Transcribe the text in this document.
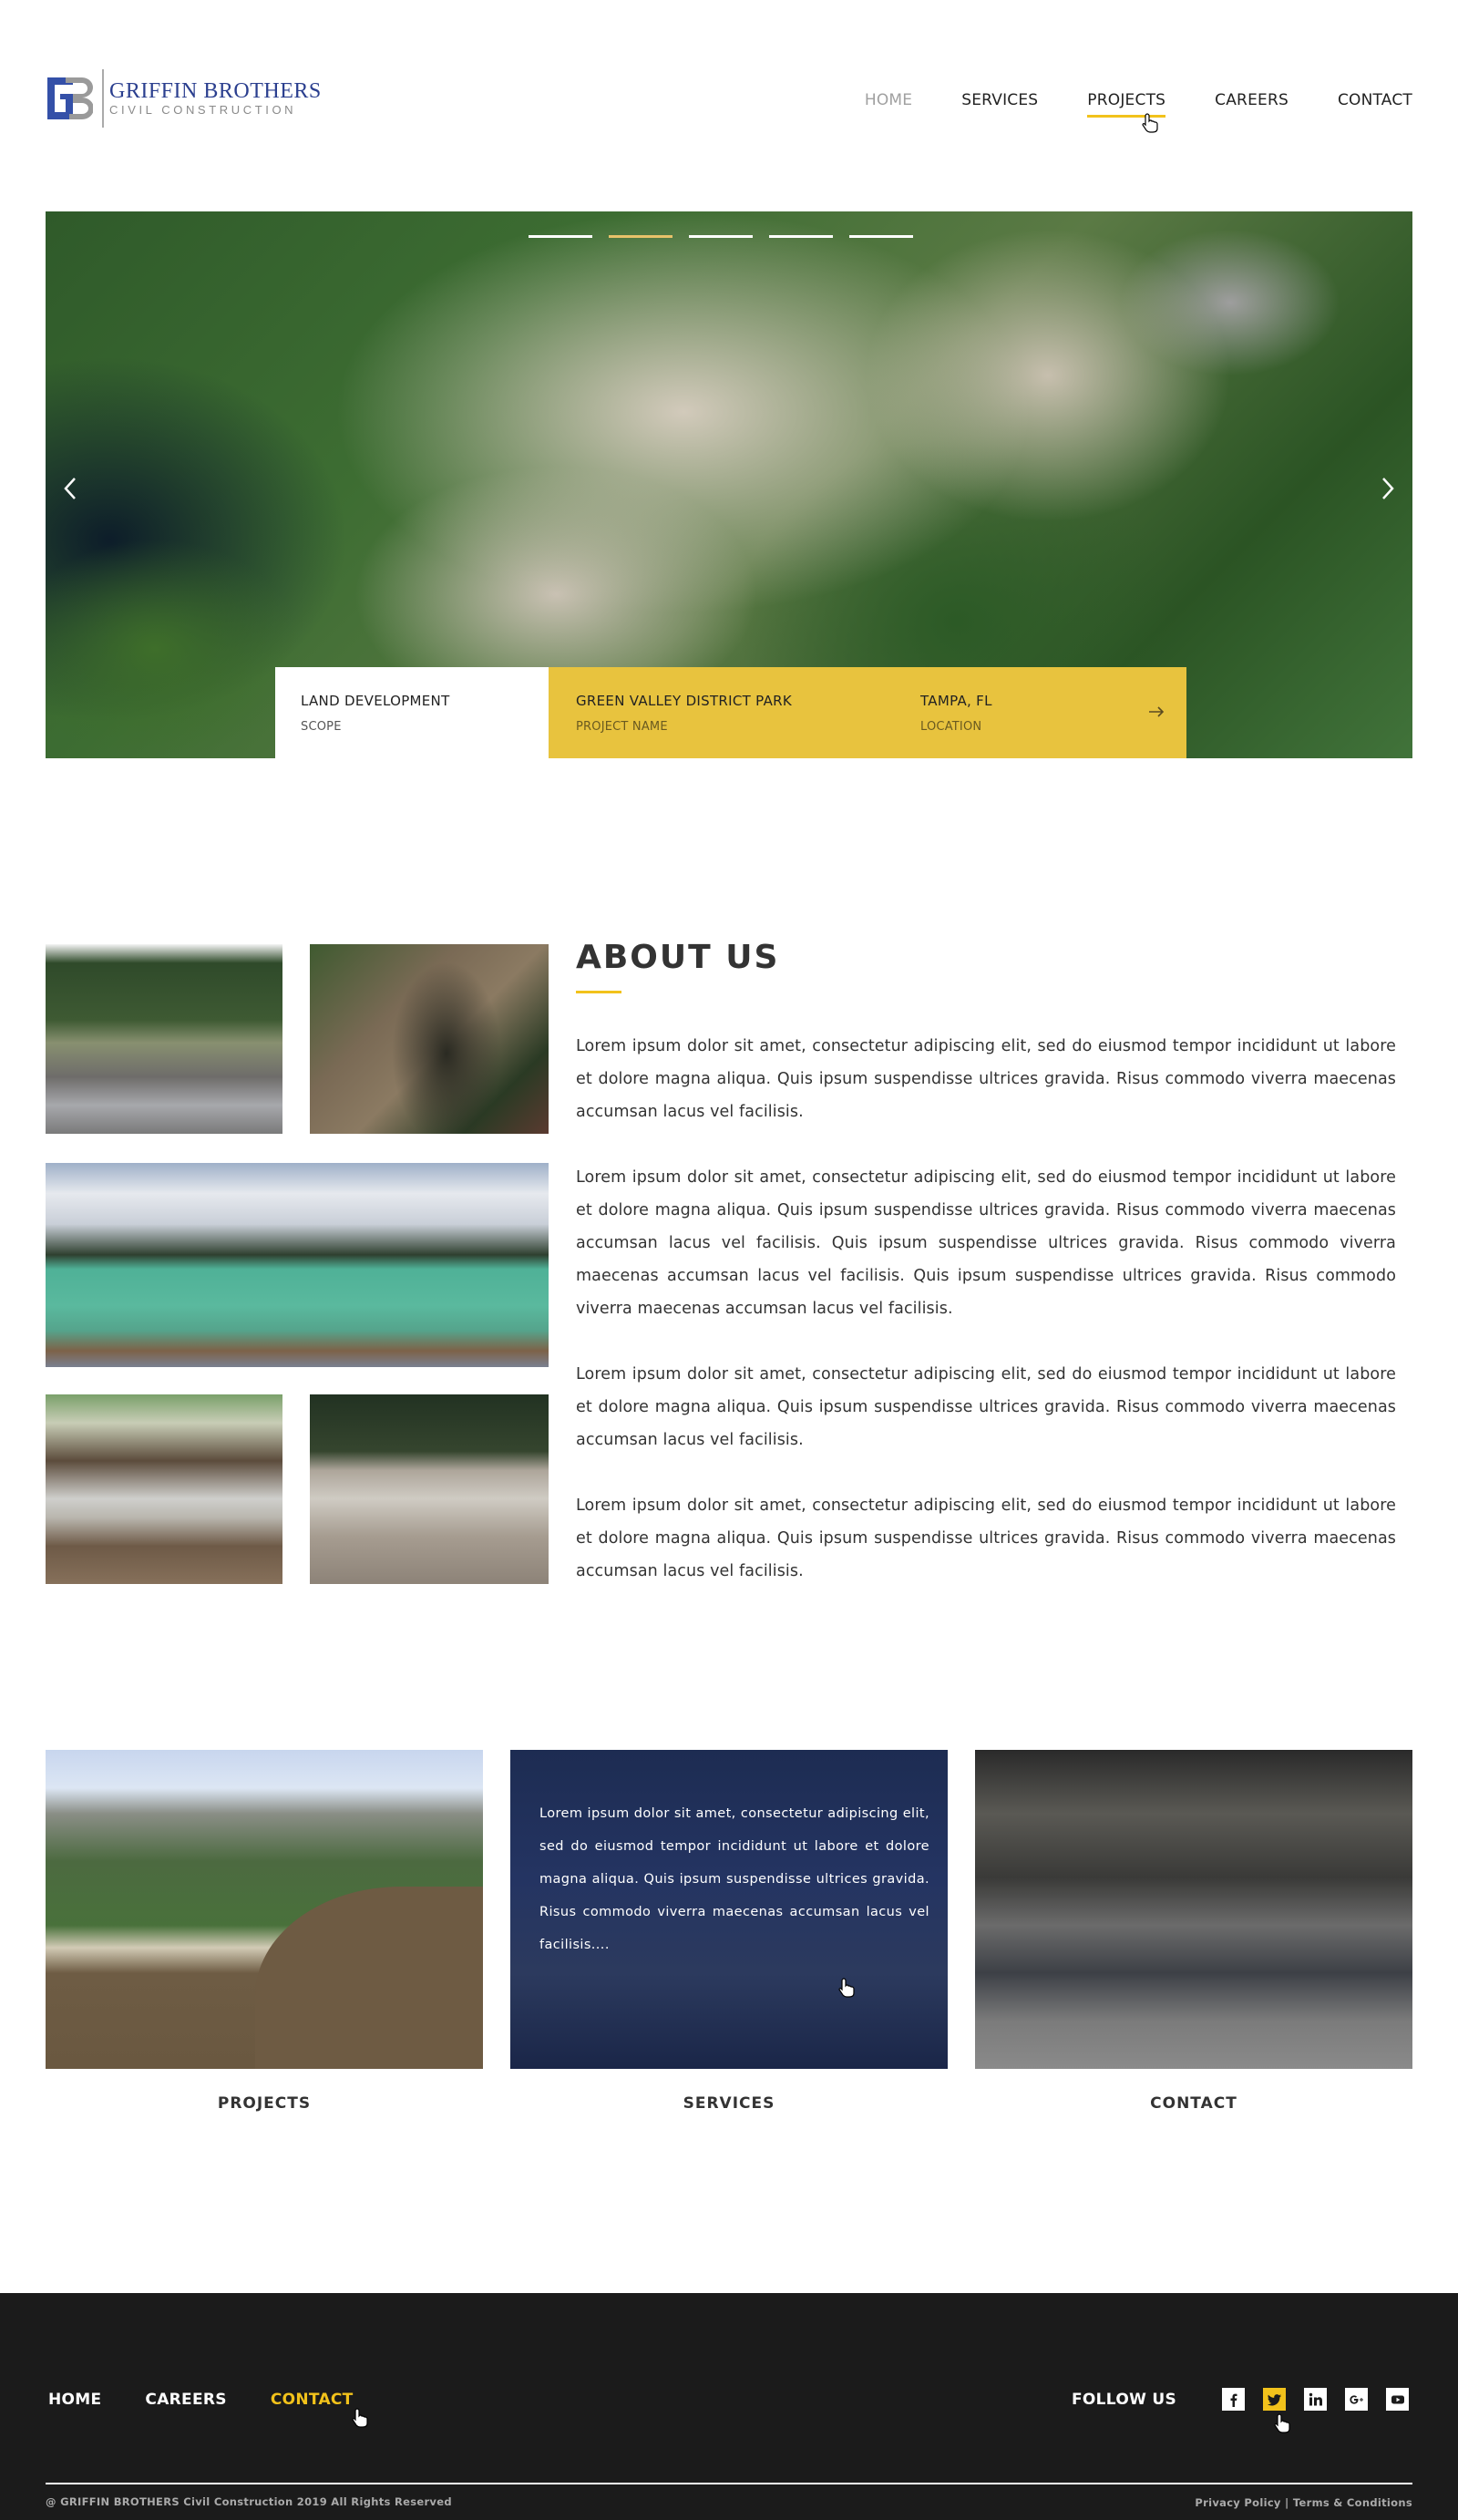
GRIFFIN BROTHERS
CIVIL CONSTRUCTION
HOME	SERVICES	PROJECTS	CAREERS	CONTACT
LAND DEVELOPMENT
SCOPE
GREEN VALLEY DISTRICT PARK
PROJECT NAME
TAMPA, FL
LOCATION
ABOUT US

Lorem ipsum dolor sit amet, consectetur adipiscing elit, sed do eiusmod tempor incididunt ut labore et dolore magna aliqua. Quis ipsum suspendisse ultrices gravida. Risus commodo viverra maecenas accumsan lacus vel facilisis.

Lorem ipsum dolor sit amet, consectetur adipiscing elit, sed do eiusmod tempor incididunt ut labore et dolore magna aliqua. Quis ipsum suspendisse ultrices gravida. Risus commodo viverra maecenas accumsan lacus vel facilisis. Quis ipsum suspendisse ultrices gravida. Risus commodo viverra maecenas accumsan lacus vel facilisis. Quis ipsum suspendisse ultrices gravida. Risus commodo viverra maecenas accumsan lacus vel facilisis.

Lorem ipsum dolor sit amet, consectetur adipiscing elit, sed do eiusmod tempor incididunt ut labore et dolore magna aliqua. Quis ipsum suspendisse ultrices gravida. Risus commodo viverra maecenas accumsan lacus vel facilisis.

Lorem ipsum dolor sit amet, consectetur adipiscing elit, sed do eiusmod tempor incididunt ut labore et dolore magna aliqua. Quis ipsum suspendisse ultrices gravida. Risus commodo viverra maecenas accumsan lacus vel facilisis.

PROJECTS
Lorem ipsum dolor sit amet, consectetur adipiscing elit, sed do eiusmod tempor incididunt ut labore et dolore magna aliqua. Quis ipsum suspendisse ultrices gravida. Risus commodo viverra maecenas accumsan lacus vel facilisis....
SERVICES	CONTACT
HOME	CAREERS	CONTACT	FOLLOW US
@ GRIFFIN BROTHERS Civil Construction 2019 All Rights Reserved	Privacy Policy | Terms & Conditions
